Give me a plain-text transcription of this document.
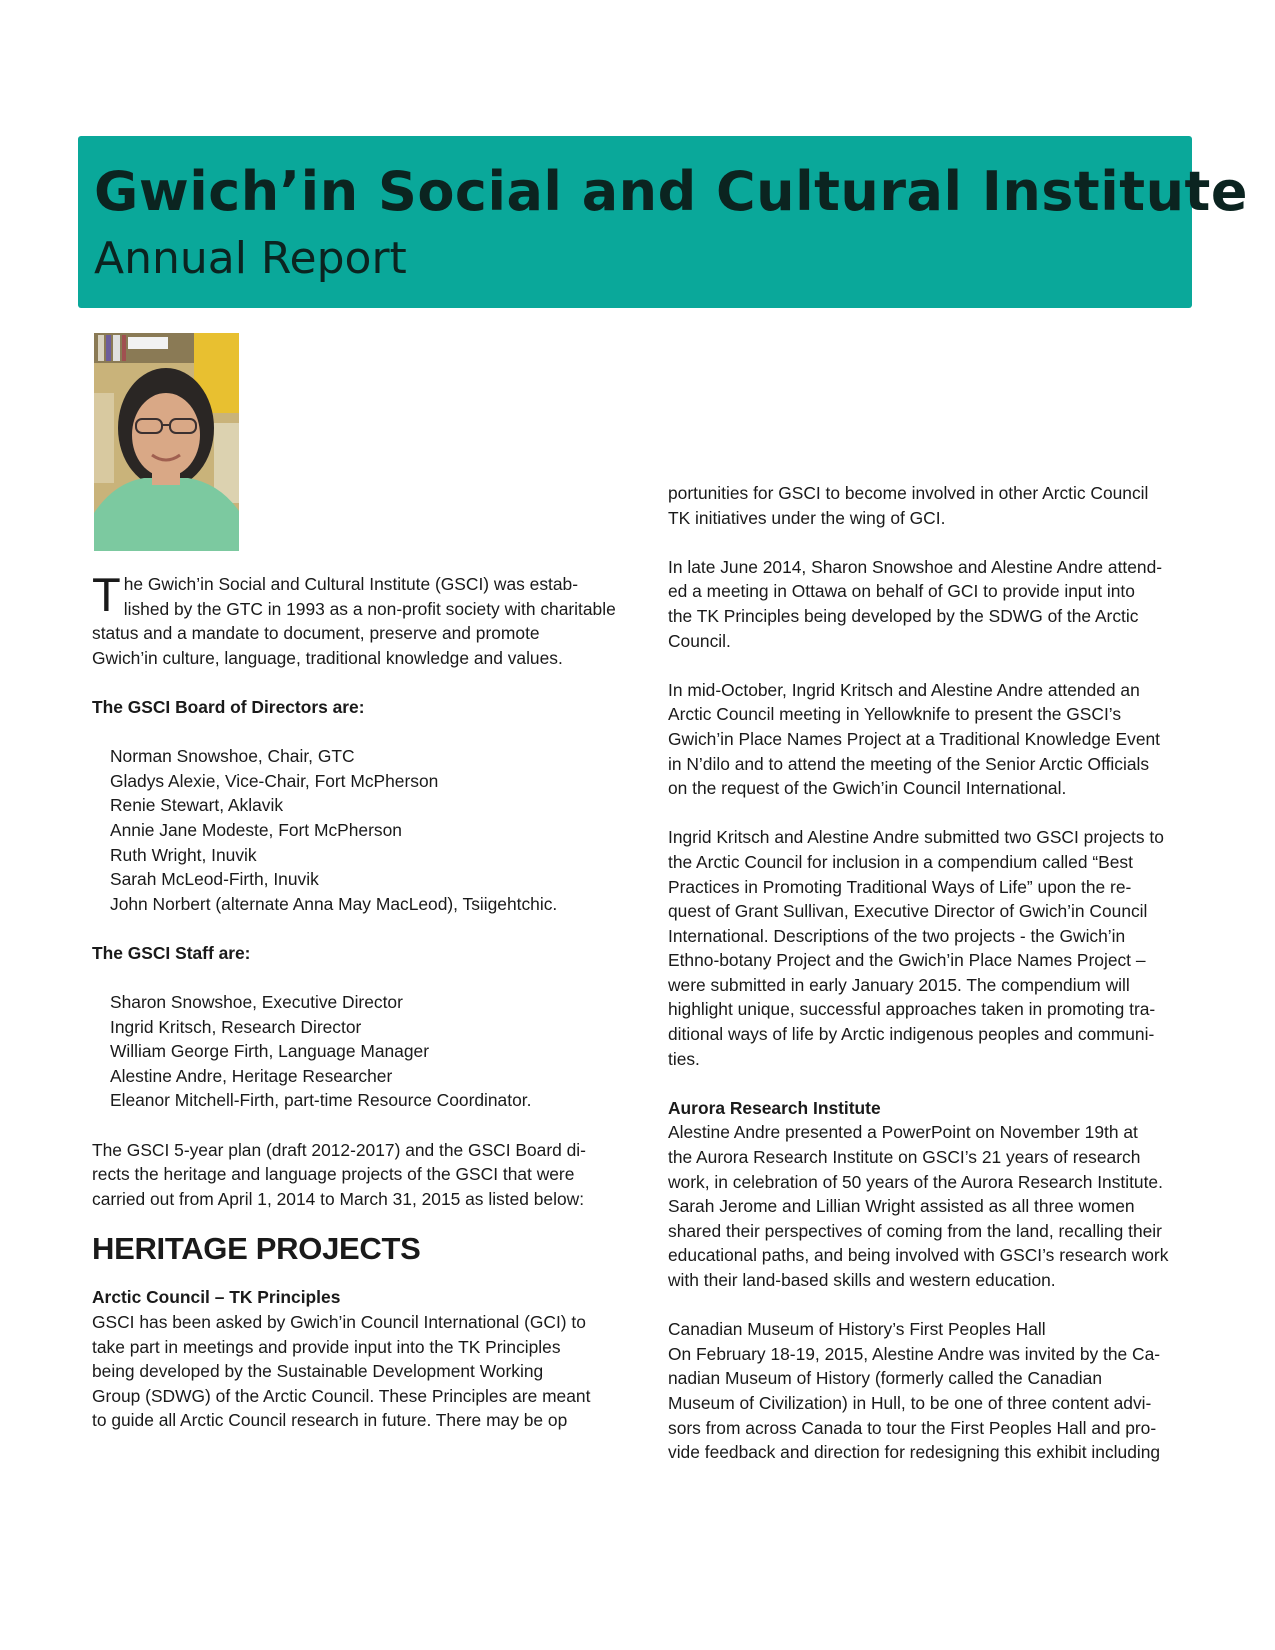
Gwich’in Social and Cultural Institute
Annual Report
T he Gwich’in Social and Cultural Institute (GSCI) was estab-
lished by the GTC in 1993 as a non-profit society with charitable
status and a mandate to document, preserve and promote
Gwich’in culture, language, traditional knowledge and values.

The GSCI Board of Directors are:

Norman Snowshoe, Chair, GTC
Gladys Alexie, Vice-Chair, Fort McPherson
Renie Stewart, Aklavik
Annie Jane Modeste, Fort McPherson
Ruth Wright, Inuvik
Sarah McLeod-Firth, Inuvik
John Norbert (alternate Anna May MacLeod), Tsiigehtchic.

The GSCI Staff are:

Sharon Snowshoe, Executive Director
Ingrid Kritsch, Research Director
William George Firth, Language Manager
Alestine Andre, Heritage Researcher
Eleanor Mitchell-Firth, part-time Resource Coordinator.
The GSCI 5-year plan (draft 2012-2017) and the GSCI Board di-
rects the heritage and language projects of the GSCI that were
carried out from April 1, 2014 to March 31, 2015 as listed below:
HERITAGE PROJECTS

Arctic Council – TK Principles

GSCI has been asked by Gwich’in Council International (GCI) to
take part in meetings and provide input into the TK Principles
being developed by the Sustainable Development Working
Group (SDWG) of the Arctic Council. These Principles are meant
to guide all Arctic Council research in future. There may be op
portunities for GSCI to become involved in other Arctic Council
TK initiatives under the wing of GCI.
In late June 2014, Sharon Snowshoe and Alestine Andre attend-
ed a meeting in Ottawa on behalf of GCI to provide input into
the TK Principles being developed by the SDWG of the Arctic
Council.
In mid-October, Ingrid Kritsch and Alestine Andre attended an
Arctic Council meeting in Yellowknife to present the GSCI’s
Gwich’in Place Names Project at a Traditional Knowledge Event
in N’dilo and to attend the meeting of the Senior Arctic Officials
on the request of the Gwich’in Council International.
Ingrid Kritsch and Alestine Andre submitted two GSCI projects to
the Arctic Council for inclusion in a compendium called “Best
Practices in Promoting Traditional Ways of Life” upon the re-
quest of Grant Sullivan, Executive Director of Gwich’in Council
International. Descriptions of the two projects - the Gwich’in
Ethno-botany Project and the Gwich’in Place Names Project –
were submitted in early January 2015. The compendium will
highlight unique, successful approaches taken in promoting tra-
ditional ways of life by Arctic indigenous peoples and communi-
ties.

Aurora Research Institute

Alestine Andre presented a PowerPoint on November 19th at
the Aurora Research Institute on GSCI’s 21 years of research
work, in celebration of 50 years of the Aurora Research Institute.
Sarah Jerome and Lillian Wright assisted as all three women
shared their perspectives of coming from the land, recalling their
educational paths, and being involved with GSCI’s research work
with their land-based skills and western education.

Canadian Museum of History’s First Peoples Hall

On February 18-19, 2015, Alestine Andre was invited by the Ca-
nadian Museum of History (formerly called the Canadian
Museum of Civilization) in Hull, to be one of three content advi-
sors from across Canada to tour the First Peoples Hall and pro-
vide feedback and direction for redesigning this exhibit including
